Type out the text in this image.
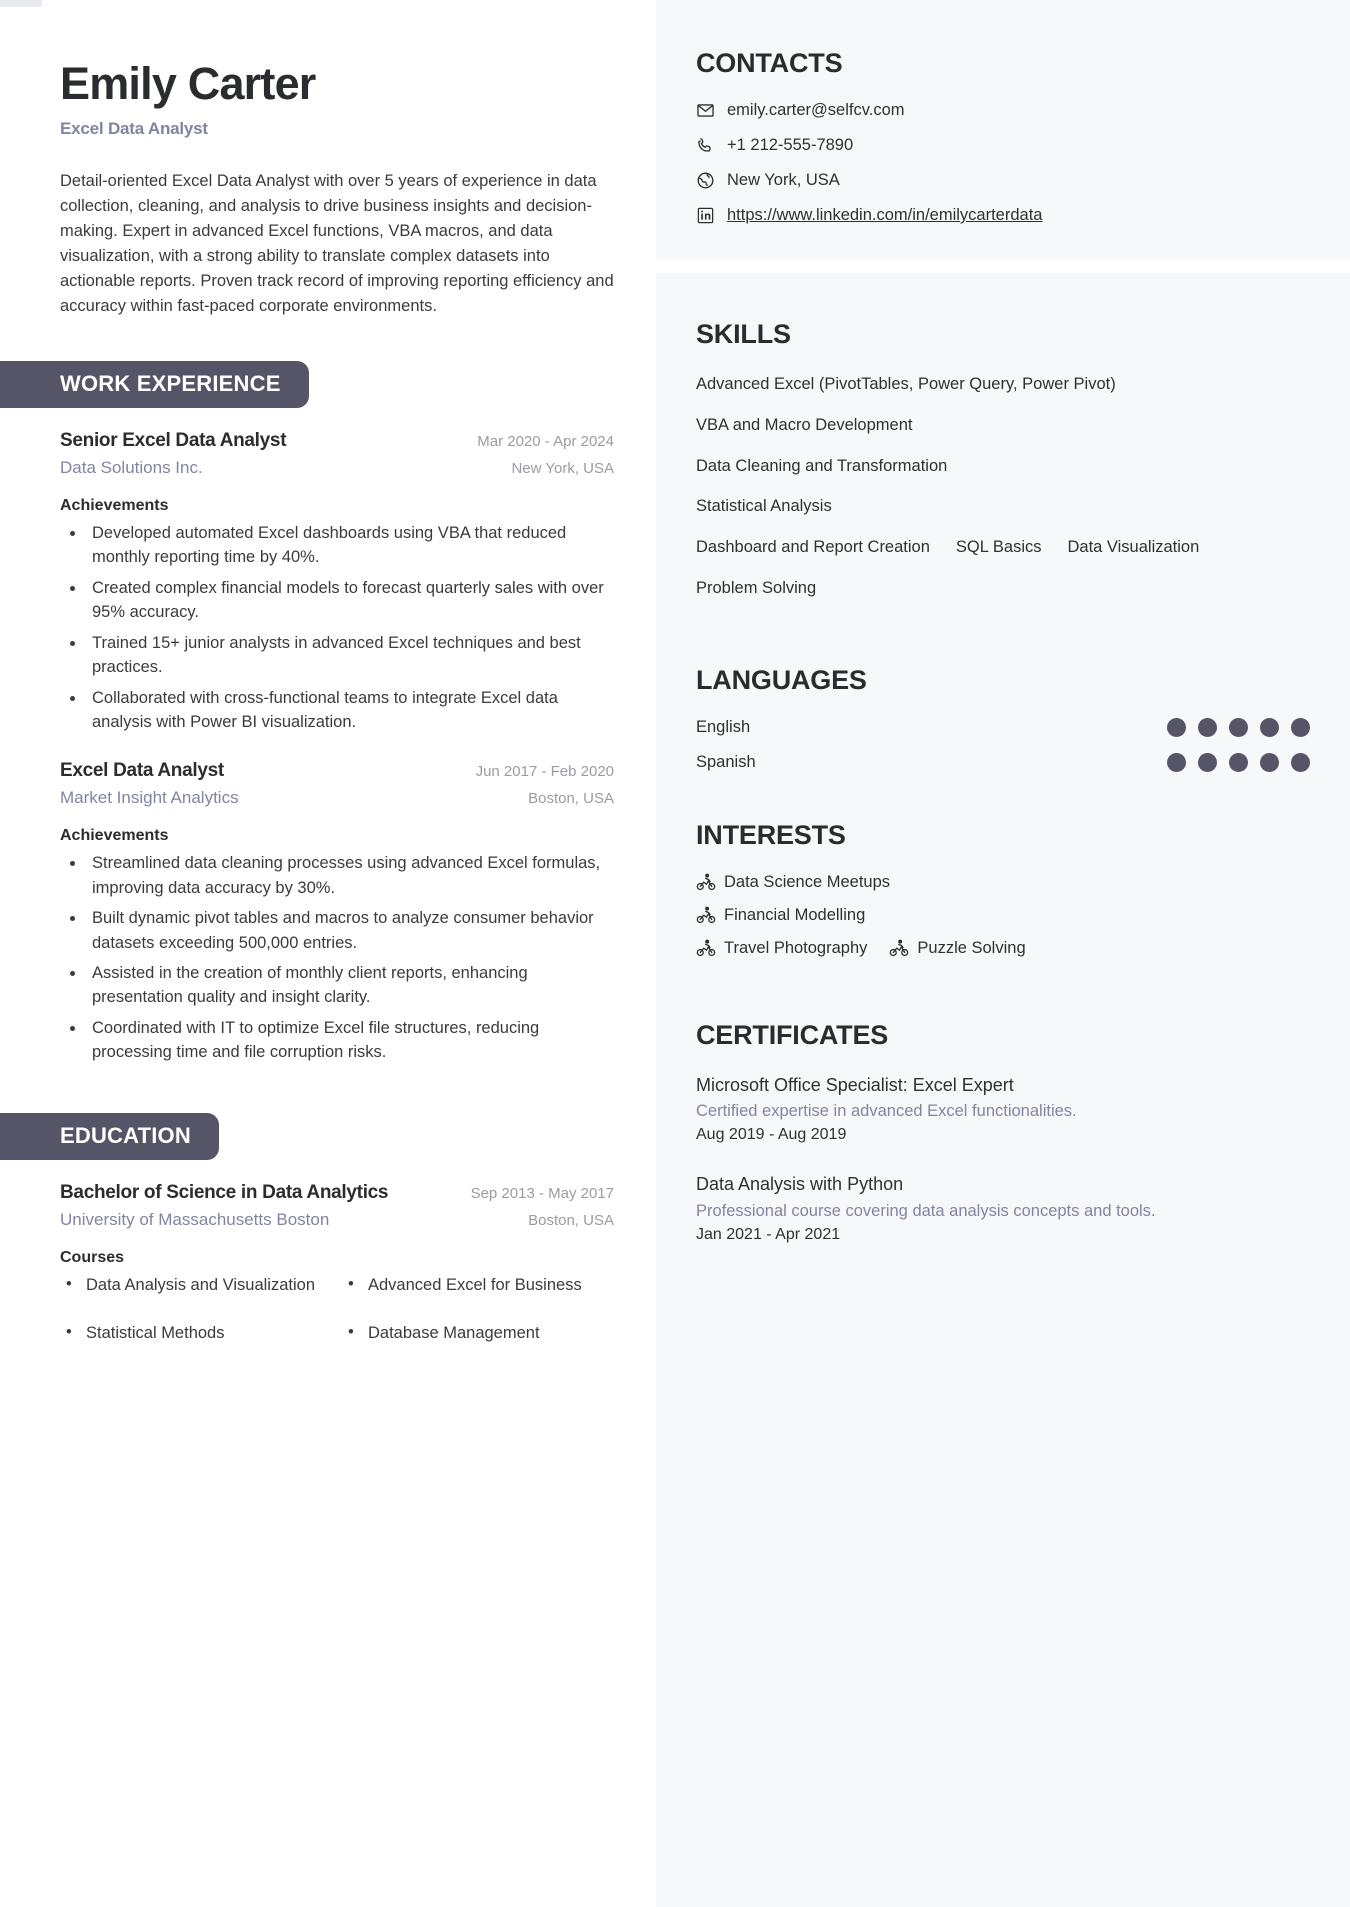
Emily Carter
Excel Data Analyst

Detail-oriented Excel Data Analyst with over 5 years of experience in data collection, cleaning, and analysis to drive business insights and decision-making. Expert in advanced Excel functions, VBA macros, and data visualization, with a strong ability to translate complex datasets into actionable reports. Proven track record of improving reporting efficiency and accuracy within fast-paced corporate environments.

WORK EXPERIENCE
Senior Excel Data Analyst	Mar 2020 - Apr 2024
Data Solutions Inc.	New York, USA
Achievements
• Developed automated Excel dashboards using VBA that reduced monthly reporting time by 40%.
• Created complex financial models to forecast quarterly sales with over 95% accuracy.
• Trained 15+ junior analysts in advanced Excel techniques and best practices.
• Collaborated with cross-functional teams to integrate Excel data analysis with Power BI visualization.
Excel Data Analyst	Jun 2017 - Feb 2020
Market Insight Analytics	Boston, USA
Achievements
• Streamlined data cleaning processes using advanced Excel formulas, improving data accuracy by 30%.
• Built dynamic pivot tables and macros to analyze consumer behavior datasets exceeding 500,000 entries.
• Assisted in the creation of monthly client reports, enhancing presentation quality and insight clarity.
• Coordinated with IT to optimize Excel file structures, reducing processing time and file corruption risks.
EDUCATION
Bachelor of Science in Data Analytics	Sep 2013 - May 2017
University of Massachusetts Boston	Boston, USA
Courses
• Data Analysis and Visualization
• Statistical Methods
• Advanced Excel for Business
• Database Management
CONTACTS
emily.carter@selfcv.com
+1 212-555-7890
New York, USA
https://www.linkedin.com/in/emilycarterdata
SKILLS
Advanced Excel (PivotTables, Power Query, Power Pivot)
VBA and Macro Development
Data Cleaning and Transformation
Statistical Analysis
Dashboard and Report Creation SQL Basics Data Visualization
Problem Solving
LANGUAGES
English
Spanish
INTERESTS
Data Science Meetups
Financial Modelling
Travel Photography	Puzzle Solving
CERTIFICATES
Microsoft Office Specialist: Excel Expert
Certified expertise in advanced Excel functionalities.
Aug 2019 - Aug 2019
Data Analysis with Python
Professional course covering data analysis concepts and tools.
Jan 2021 - Apr 2021
